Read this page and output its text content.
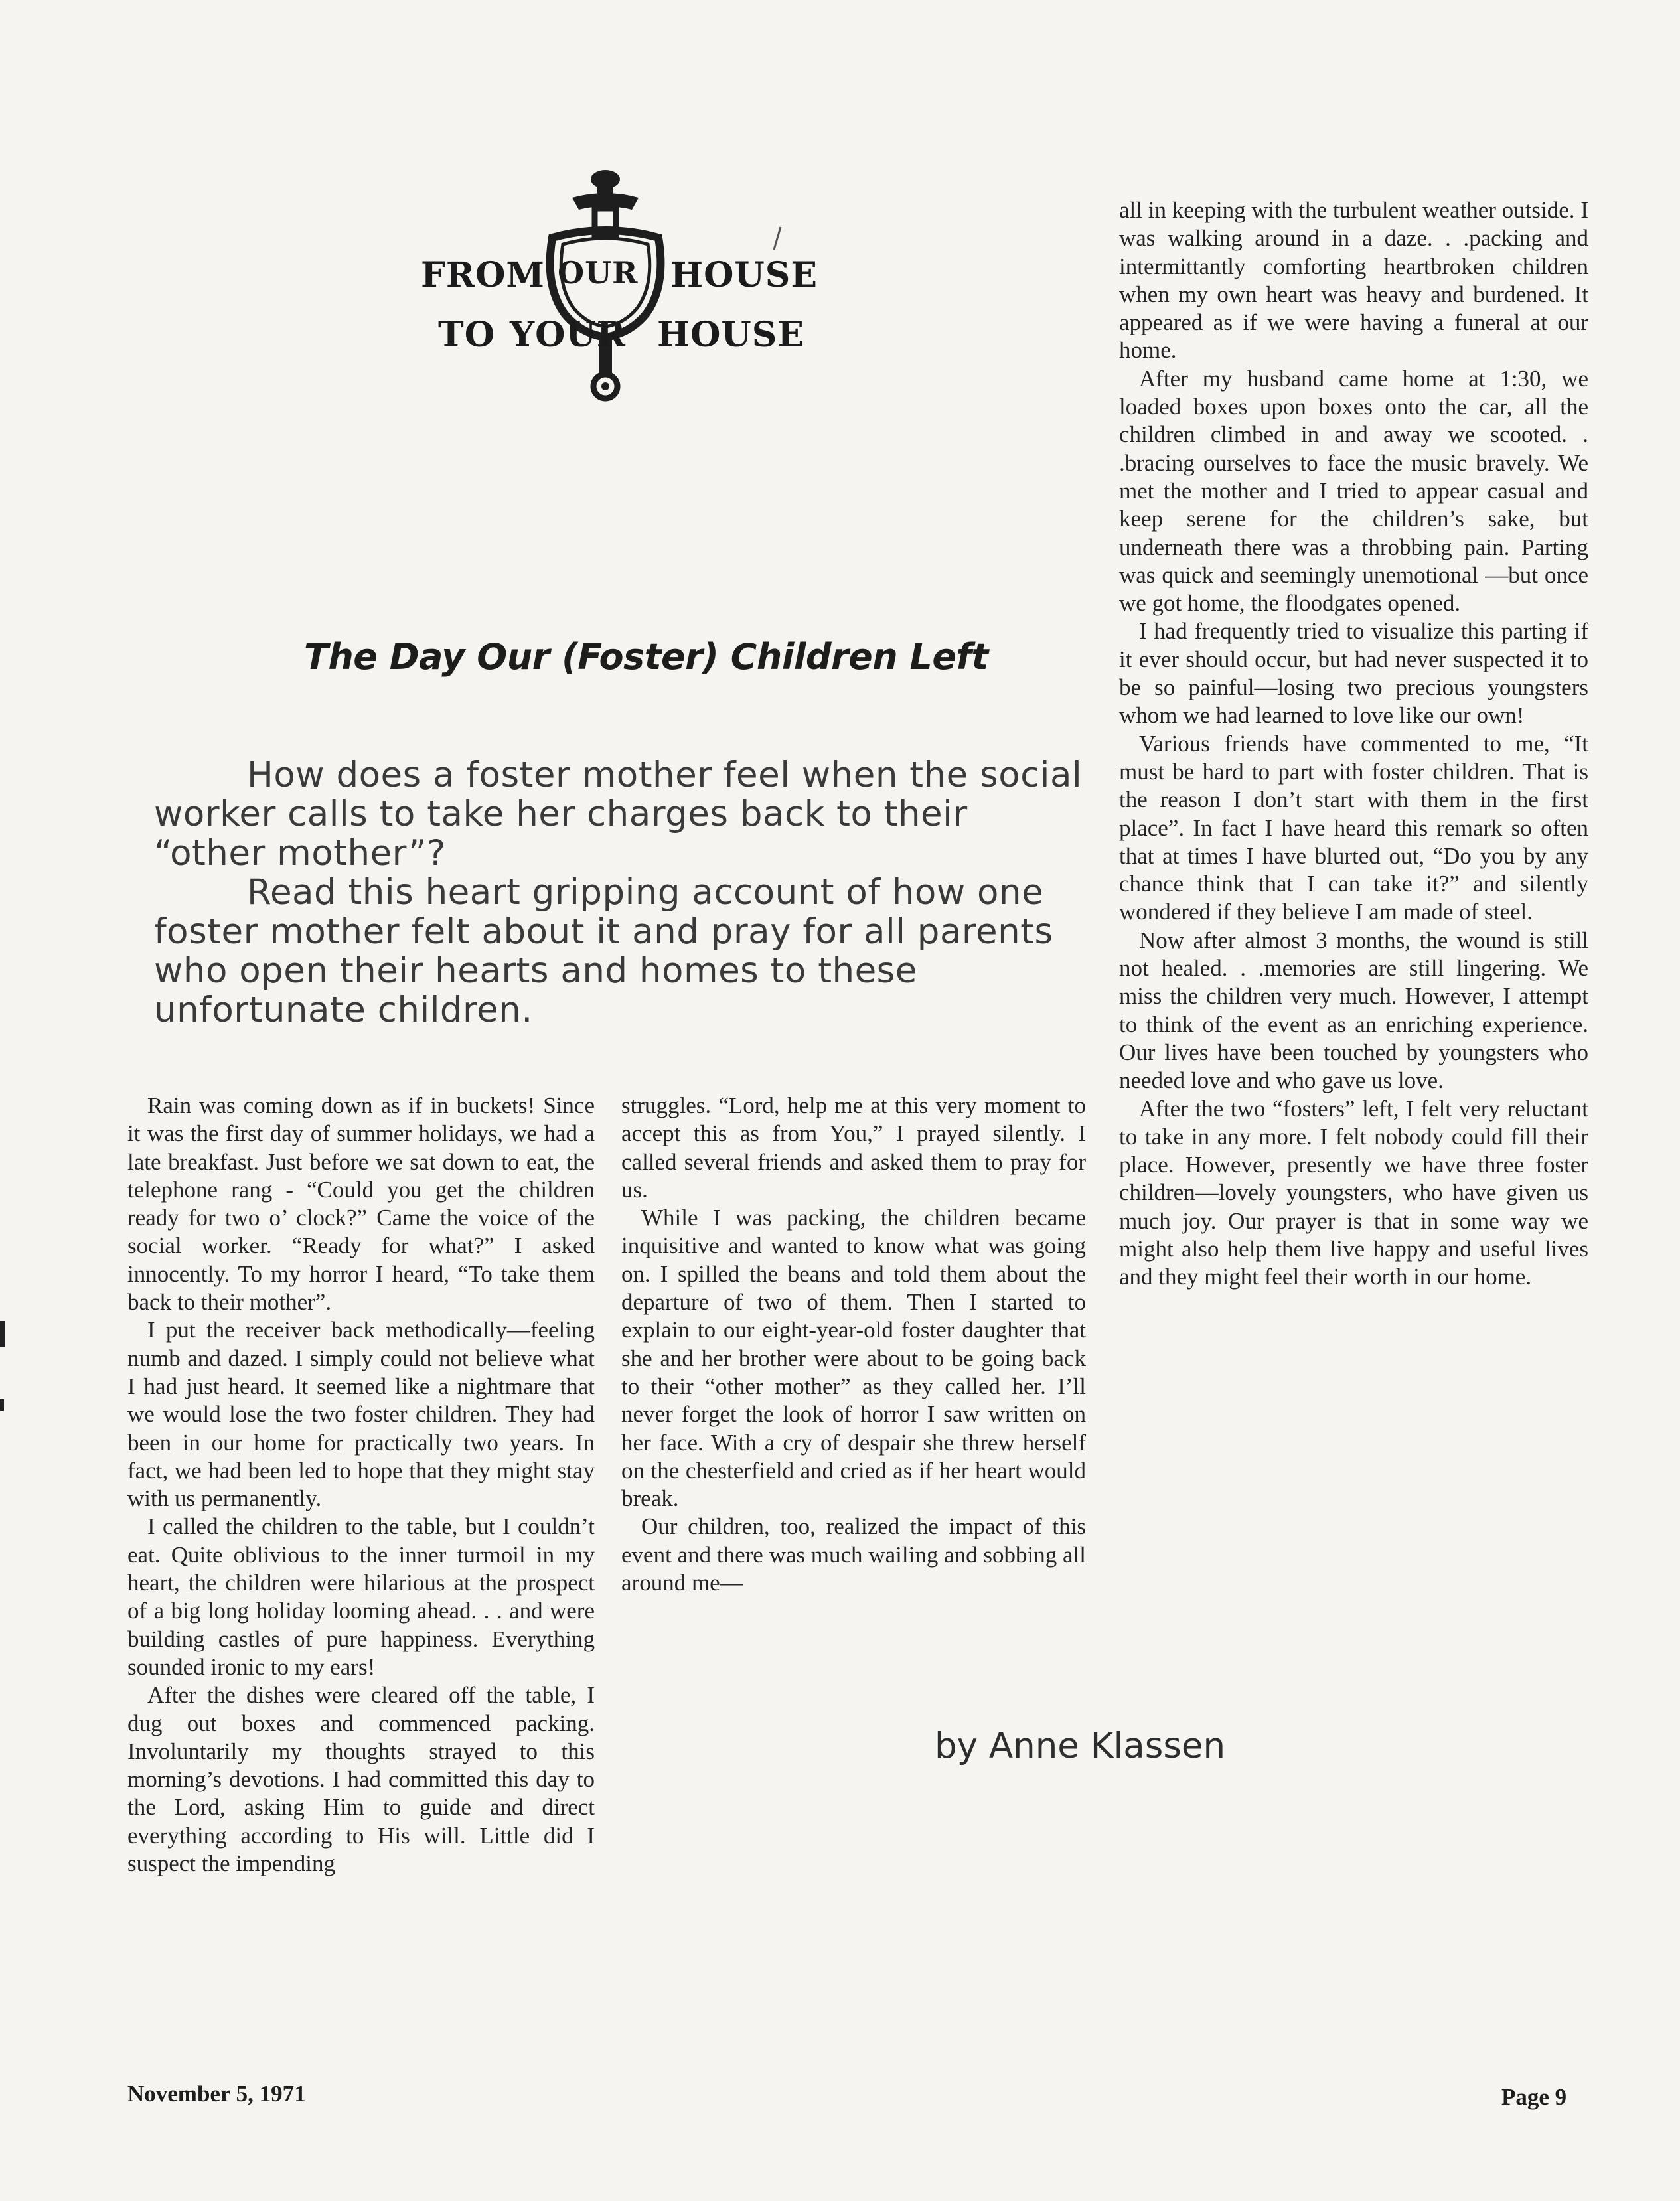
FROM OUR HOUSE
TO YOUR HOUSE
The Day Our (Foster) Children Left

How does a foster mother feel when the social worker calls to take her charges back to their “other mother”?

Read this heart gripping account of how one foster mother felt about it and pray for all parents who open their hearts and homes to these unfortunate children.

Rain was coming down as if in buckets! Since it was the first day of summer holidays, we had a late breakfast. Just before we sat down to eat, the telephone rang - “Could you get the children ready for two o’ clock?” Came the voice of the social worker. “Ready for what?” I asked innocently. To my horror I heard, “To take them back to their mother”.

I put the receiver back methodically—feeling numb and dazed. I simply could not believe what I had just heard. It seemed like a nightmare that we would lose the two foster children. They had been in our home for practically two years. In fact, we had been led to hope that they might stay with us permanently.

I called the children to the table, but I couldn’t eat. Quite oblivious to the inner turmoil in my heart, the children were hilarious at the prospect of a big long holiday looming ahead. . . and were building castles of pure happiness. Everything sounded ironic to my ears!

After the dishes were cleared off the table, I dug out boxes and commenced packing. Involuntarily my thoughts strayed to this morning’s devotions. I had committed this day to the Lord, asking Him to guide and direct everything according to His will. Little did I suspect the impending

struggles. “Lord, help me at this very moment to accept this as from You,” I prayed silently. I called several friends and asked them to pray for us.

While I was packing, the children became inquisitive and wanted to know what was going on. I spilled the beans and told them about the departure of two of them. Then I started to explain to our eight-year-old foster daughter that she and her brother were about to be going back to their “other mother” as they called her. I’ll never forget the look of horror I saw written on her face. With a cry of despair she threw herself on the chesterfield and cried as if her heart would break.

Our children, too, realized the impact of this event and there was much wailing and sobbing all around me—

all in keeping with the turbulent weather outside. I was walking around in a daze. . .packing and intermittantly comforting heartbroken children when my own heart was heavy and burdened. It appeared as if we were having a funeral at our home.

After my husband came home at 1:30, we loaded boxes upon boxes onto the car, all the children climbed in and away we scooted. . .bracing ourselves to face the music bravely. We met the mother and I tried to appear casual and keep serene for the children’s sake, but underneath there was a throbbing pain. Parting was quick and seemingly unemotional —but once we got home, the floodgates opened.

I had frequently tried to visualize this parting if it ever should occur, but had never suspected it to be so painful—losing two precious youngsters whom we had learned to love like our own!

Various friends have commented to me, “It must be hard to part with foster children. That is the reason I don’t start with them in the first place”. In fact I have heard this remark so often that at times I have blurted out, “Do you by any chance think that I can take it?” and silently wondered if they believe I am made of steel.

Now after almost 3 months, the wound is still not healed. . .memories are still lingering. We miss the children very much. However, I attempt to think of the event as an enriching experience. Our lives have been touched by youngsters who needed love and who gave us love.

After the two “fosters” left, I felt very reluctant to take in any more. I felt nobody could fill their place. However, presently we have three foster children—lovely youngsters, who have given us much joy. Our prayer is that in some way we might also help them live happy and useful lives and they might feel their worth in our home.

by Anne Klassen
November 5, 1971	Page 9
